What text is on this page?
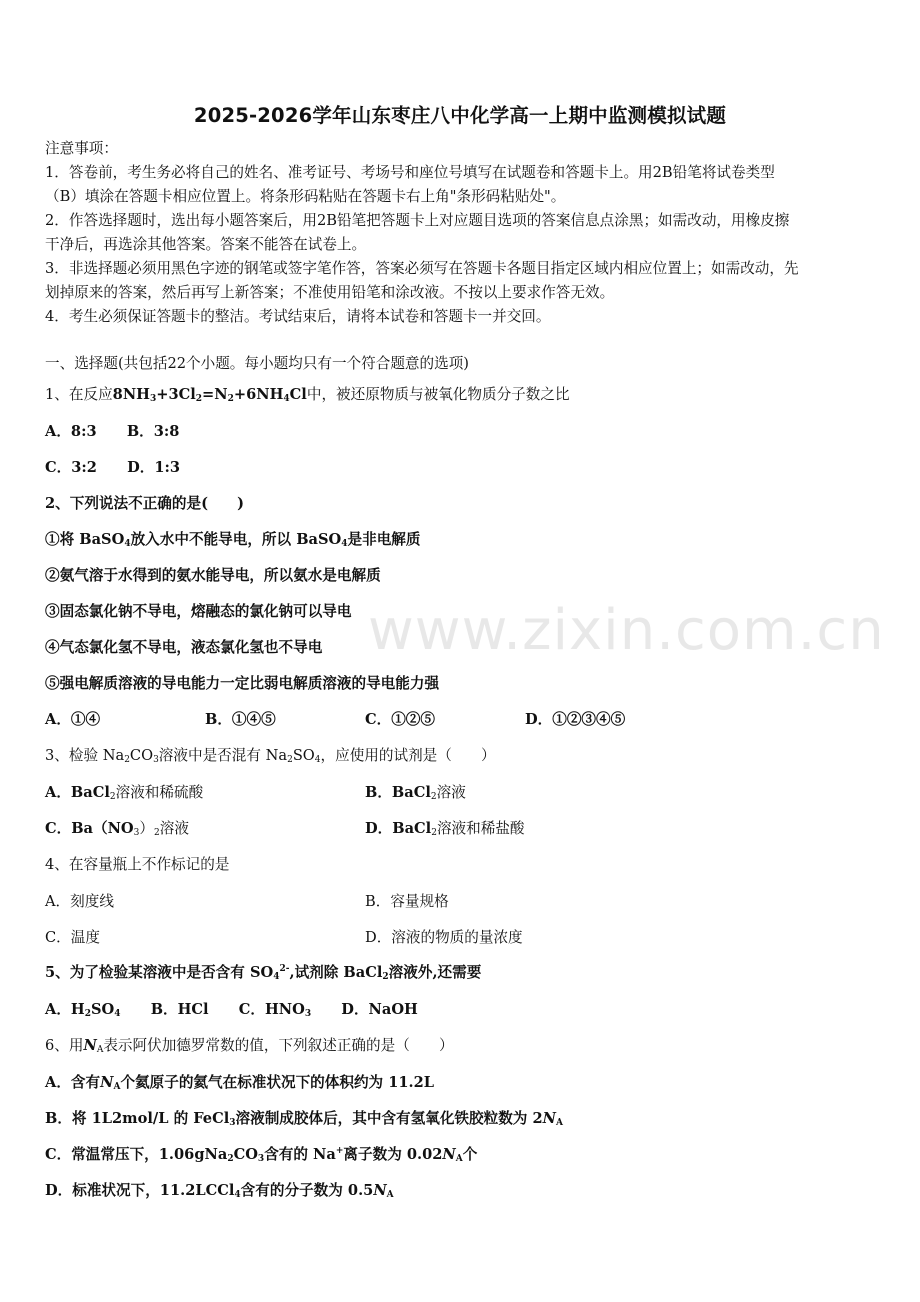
www.zixin.com.cn
2025-2026学年山东枣庄八中化学高一上期中监测模拟试题
注意事项：
1．答卷前，考生务必将自己的姓名、准考证号、考场号和座位号填写在试题卷和答题卡上。用2B铅笔将试卷类型
（B）填涂在答题卡相应位置上。将条形码粘贴在答题卡右上角"条形码粘贴处"。
2．作答选择题时，选出每小题答案后，用2B铅笔把答题卡上对应题目选项的答案信息点涂黑；如需改动，用橡皮擦
干净后，再选涂其他答案。答案不能答在试卷上。
3．非选择题必须用黑色字迹的钢笔或签字笔作答，答案必须写在答题卡各题目指定区域内相应位置上；如需改动，先
划掉原来的答案，然后再写上新答案；不准使用铅笔和涂改液。不按以上要求作答无效。
4．考生必须保证答题卡的整洁。考试结束后，请将本试卷和答题卡一并交回。
一、选择题(共包括22个小题。每小题均只有一个符合题意的选项)
1、在反应$8NH_3+3Cl_2=N_2+6NH_4Cl$中，被还原物质与被氧化物质分子数之比
A．8:3 B．3:8
C．3:2 D．1:3
2、下列说法不正确的是(　　)
①将 BaSO$_4$放入水中不能导电，所以 BaSO$_4$是非电解质
②氨气溶于水得到的氨水能导电，所以氨水是电解质
③固态氯化钠不导电，熔融态的氯化钠可以导电
④气态氯化氢不导电，液态氯化氢也不导电
⑤强电解质溶液的导电能力一定比弱电解质溶液的导电能力强
A．①④	B．①④⑤	C．①②⑤	D．①②③④⑤
3、检验 $Na_2CO_3$溶液中是否混有 $Na_2SO_4$，应使用的试剂是（　　）
A．BaCl$_2$溶液和稀硫酸	B．BaCl$_2$溶液
C．$Ba(NO_3)_2$溶液	D．BaCl$_2$溶液和稀盐酸
4、在容量瓶上不作标记的是
A．刻度线	B．容量规格
C．温度	D．溶液的物质的量浓度
5、为了检验某溶液中是否含有 $SO_4^{2-}$,试剂除 BaCl$_2$溶液外,还需要
A．$H_2SO_4$ B．HCl C．$HNO_3$ D．NaOH
6、用$N_A$表示阿伏加德罗常数的值，下列叙述正确的是（　　）
A．含有$N_A$个氦原子的氦气在标准状况下的体积约为 11.2L
B．将 1L2mol/L 的 FeCl$_3$溶液制成胶体后，其中含有氢氧化铁胶粒数为 $2N_A$
C．常温常压下，$1.06gNa_2CO_3$含有的 Na+离子数为 $0.02N_A$个
D．标准状况下，11.2LCCl$_4$含有的分子数为 $0.5N_A$
